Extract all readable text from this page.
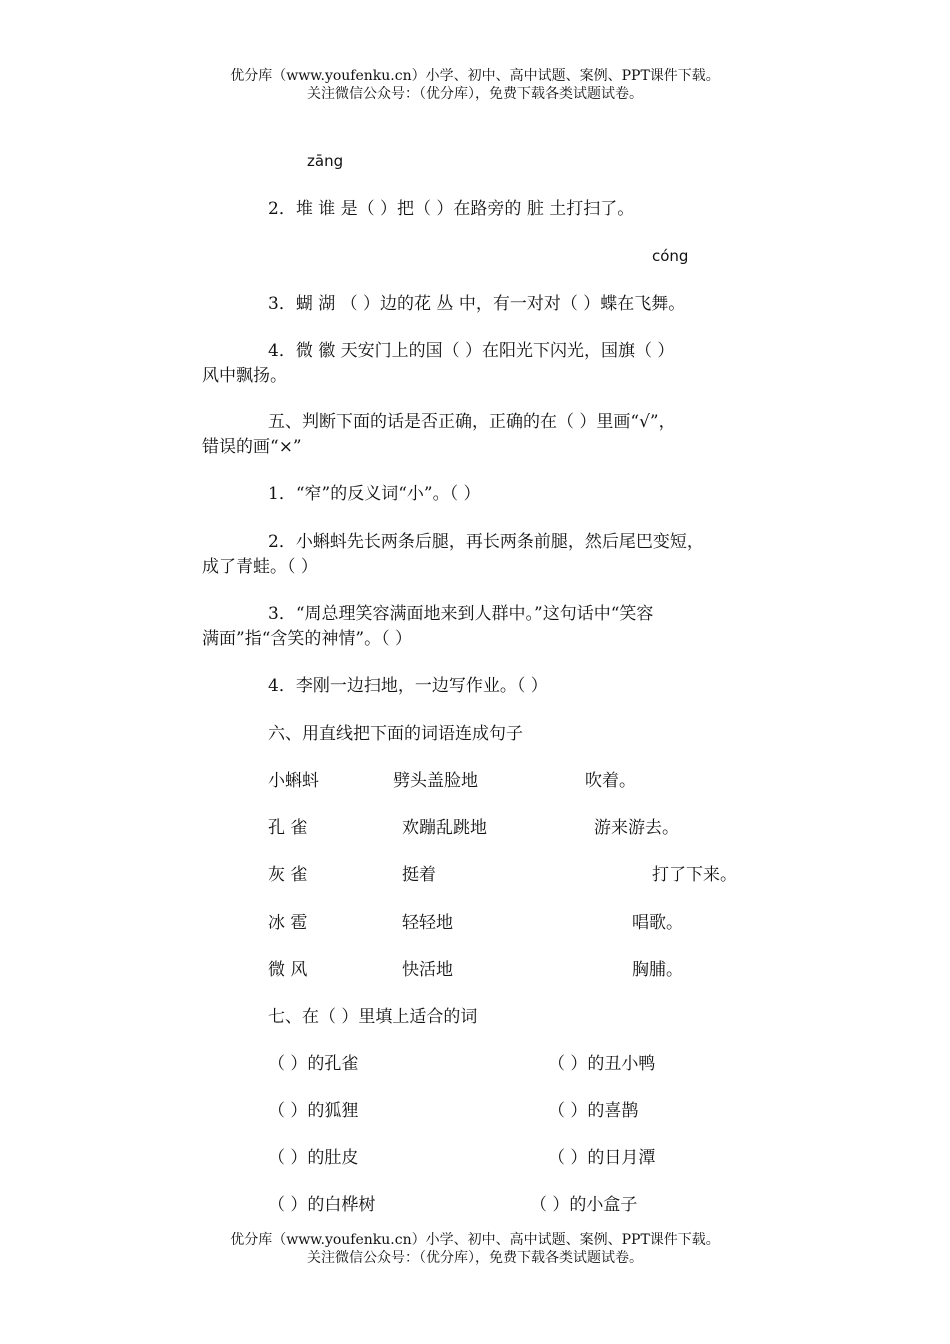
优分库（www.youfenku.cn）小学、初中、高中试题、案例、PPT课件下载。
关注微信公众号：（优分库），免费下载各类试题试卷。
zāng
2．堆 谁 是（ ）把（ ）在路旁的 脏 土打扫了。
cóng
3．蝴 湖 （ ）边的花 丛 中，有一对对（ ）蝶在飞舞。
4．微 徽 天安门上的国（ ）在阳光下闪光，国旗（ ）
风中飘扬。
五、判断下面的话是否正确，正确的在（ ）里画“√”，
错误的画“×”
1．“窄”的反义词“小”。（ ）
2．小蝌蚪先长两条后腿，再长两条前腿，然后尾巴变短，
成了青蛙。（ ）
3．“周总理笑容满面地来到人群中。”这句话中“笑容
满面”指“含笑的神情”。（ ）
4．李刚一边扫地，一边写作业。（ ）
六、用直线把下面的词语连成句子
小蝌蚪	劈头盖脸地	吹着。
孔 雀	欢蹦乱跳地	游来游去。
灰 雀	挺着	打了下来。
冰 雹	轻轻地	唱歌。
微 风	快活地	胸脯。
七、在（ ）里填上适合的词
（ ）的孔雀	（ ）的丑小鸭
（ ）的狐狸	（ ）的喜鹊
（ ）的肚皮	（ ）的日月潭
（ ）的白桦树	（ ）的小盒子
优分库（www.youfenku.cn）小学、初中、高中试题、案例、PPT课件下载。
关注微信公众号：（优分库），免费下载各类试题试卷。
